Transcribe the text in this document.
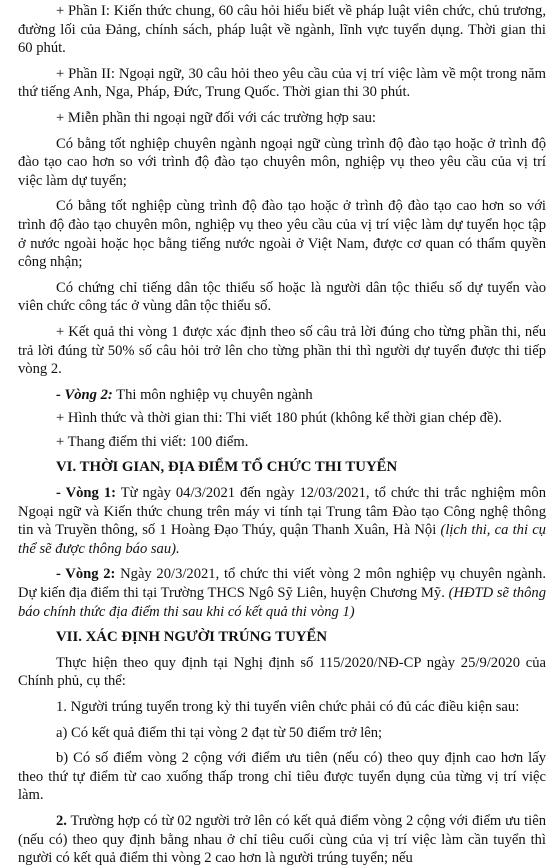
+ Phần I: Kiến thức chung, 60 câu hỏi hiểu biết về pháp luật viên chức, chủ trương, đường lối của Đảng, chính sách, pháp luật về ngành, lĩnh vực tuyển dụng. Thời gian thi 60 phút.

+ Phần II: Ngoại ngữ, 30 câu hỏi theo yêu cầu của vị trí việc làm về một trong năm thứ tiếng Anh, Nga, Pháp, Đức, Trung Quốc. Thời gian thi 30 phút.

+ Miễn phần thi ngoại ngữ đối với các trường hợp sau:

Có bằng tốt nghiệp chuyên ngành ngoại ngữ cùng trình độ đào tạo hoặc ở trình độ đào tạo cao hơn so với trình độ đào tạo chuyên môn, nghiệp vụ theo yêu cầu của vị trí việc làm dự tuyển;

Có bằng tốt nghiệp cùng trình độ đào tạo hoặc ở trình độ đào tạo cao hơn so với trình độ đào tạo chuyên môn, nghiệp vụ theo yêu cầu của vị trí việc làm dự tuyển học tập ở nước ngoài hoặc học bằng tiếng nước ngoài ở Việt Nam, được cơ quan có thẩm quyền công nhận;

Có chứng chỉ tiếng dân tộc thiểu số hoặc là người dân tộc thiểu số dự tuyển vào viên chức công tác ở vùng dân tộc thiểu số.

+ Kết quả thi vòng 1 được xác định theo số câu trả lời đúng cho từng phần thi, nếu trả lời đúng từ 50% số câu hỏi trở lên cho từng phần thi thì người dự tuyển được thi tiếp vòng 2.

- Vòng 2: Thi môn nghiệp vụ chuyên ngành

+ Hình thức và thời gian thi: Thi viết 180 phút (không kể thời gian chép đề).

+ Thang điểm thi viết: 100 điểm.

VI. THỜI GIAN, ĐỊA ĐIỂM TỔ CHỨC THI TUYỂN

- Vòng 1: Từ ngày 04/3/2021 đến ngày 12/03/2021, tổ chức thi trắc nghiệm môn Ngoại ngữ và Kiến thức chung trên máy vi tính tại Trung tâm Đào tạo Công nghệ thông tin và Truyền thông, số 1 Hoàng Đạo Thúy, quận Thanh Xuân, Hà Nội (lịch thi, ca thi cụ thể sẽ được thông báo sau).

- Vòng 2: Ngày 20/3/2021, tổ chức thi viết vòng 2 môn nghiệp vụ chuyên ngành. Dự kiến địa điểm thi tại Trường THCS Ngô Sỹ Liên, huyện Chương Mỹ. (HĐTD sẽ thông báo chính thức địa điểm thi sau khi có kết quả thi vòng 1)

VII. XÁC ĐỊNH NGƯỜI TRÚNG TUYỂN

Thực hiện theo quy định tại Nghị định số 115/2020/NĐ-CP ngày 25/9/2020 của Chính phủ, cụ thể:

1. Người trúng tuyển trong kỳ thi tuyển viên chức phải có đủ các điều kiện sau:

a) Có kết quả điểm thi tại vòng 2 đạt từ 50 điểm trở lên;

b) Có số điểm vòng 2 cộng với điểm ưu tiên (nếu có) theo quy định cao hơn lấy theo thứ tự điểm từ cao xuống thấp trong chỉ tiêu được tuyển dụng của từng vị trí việc làm.

2. Trường hợp có từ 02 người trở lên có kết quả điểm vòng 2 cộng với điểm ưu tiên (nếu có) theo quy định bằng nhau ở chỉ tiêu cuối cùng của vị trí việc làm cần tuyển thì người có kết quả điểm thi vòng 2 cao hơn là người trúng tuyển; nếu
